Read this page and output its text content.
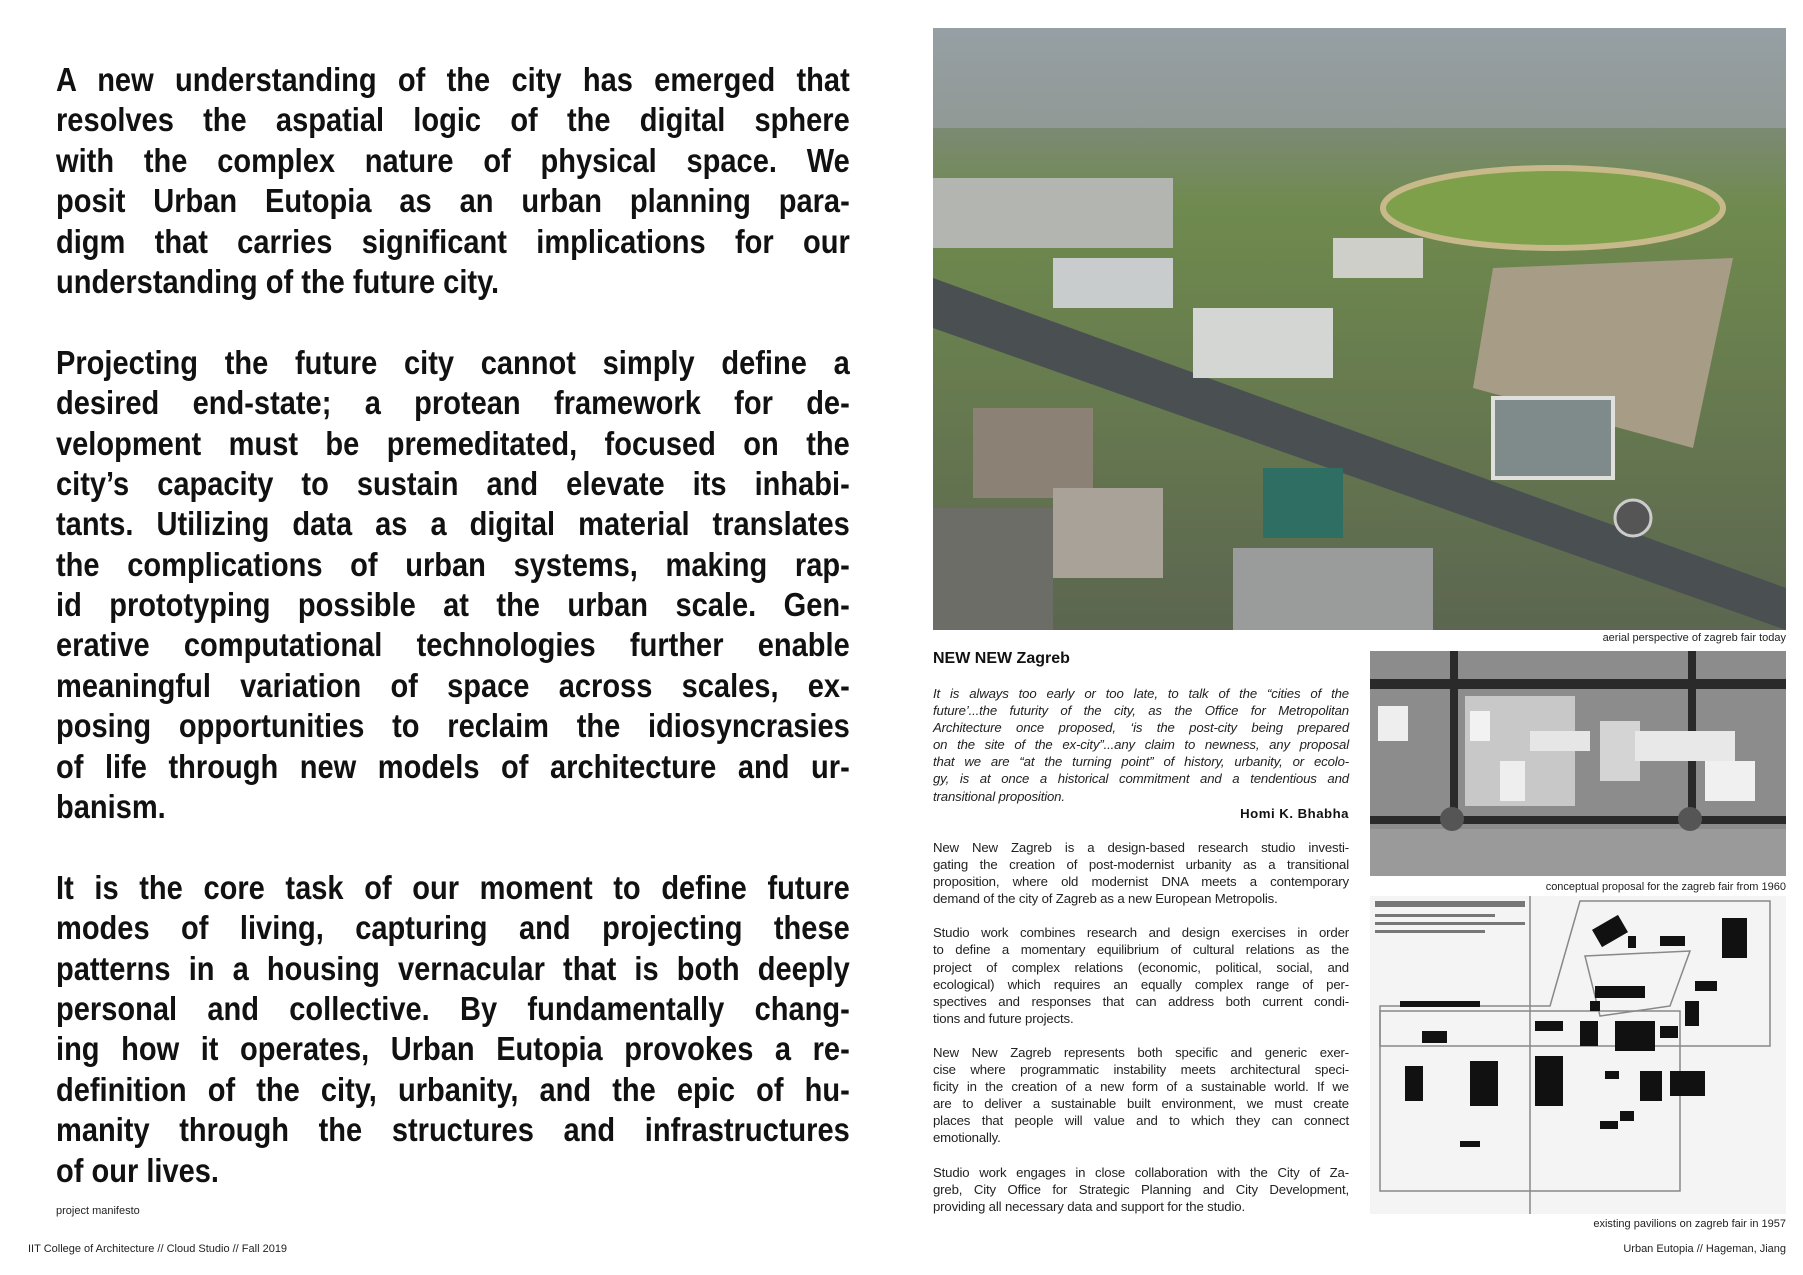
A new understanding of the city has emerged that
resolves the aspatial logic of the digital sphere
with the complex nature of physical space. We
posit Urban Eutopia as an urban planning para-
digm that carries significant implications for our
understanding of the future city.
Projecting the future city cannot simply define a
desired end-state; a protean framework for de-
velopment must be premeditated, focused on the
city’s capacity to sustain and elevate its inhabi-
tants. Utilizing data as a digital material translates
the complications of urban systems, making rap-
id prototyping possible at the urban scale. Gen-
erative computational technologies further enable
meaningful variation of space across scales, ex-
posing opportunities to reclaim the idiosyncrasies
of life through new models of architecture and ur-
banism.
It is the core task of our moment to define future
modes of living, capturing and projecting these
patterns in a housing vernacular that is both deeply
personal and collective. By fundamentally chang-
ing how it operates, Urban Eutopia provokes a re-
definition of the city, urbanity, and the epic of hu-
manity through the structures and infrastructures
of our lives.
project manifesto
aerial perspective of zagreb fair today
conceptual proposal for the zagreb fair from 1960
existing pavilions on zagreb fair in 1957
NEW NEW Zagreb
It is always too early or too late, to talk of the “cities of the
future’...the futurity of the city, as the Office for Metropolitan
Architecture once proposed, ‘is the post-city being prepared
on the site of the ex-city”...any claim to newness, any proposal
that we are “at the turning point” of history, urbanity, or ecolo-
gy, is at once a historical commitment and a tendentious and
transitional proposition.
Homi K. Bhabha
New New Zagreb is a design-based research studio investi-
gating the creation of post-modernist urbanity as a transitional
proposition, where old modernist DNA meets a contemporary
demand of the city of Zagreb as a new European Metropolis.
Studio work combines research and design exercises in order
to define a momentary equilibrium of cultural relations as the
project of complex relations (economic, political, social, and
ecological) which requires an equally complex range of per-
spectives and responses that can address both current condi-
tions and future projects.
New New Zagreb represents both specific and generic exer-
cise where programmatic instability meets architectural speci-
ficity in the creation of a new form of a sustainable world. If we
are to deliver a sustainable built environment, we must create
places that people will value and to which they can connect
emotionally.
Studio work engages in close collaboration with the City of Za-
greb, City Office for Strategic Planning and City Development,
providing all necessary data and support for the studio.
IIT College of Architecture // Cloud Studio // Fall 2019	Urban Eutopia // Hageman, Jiang
